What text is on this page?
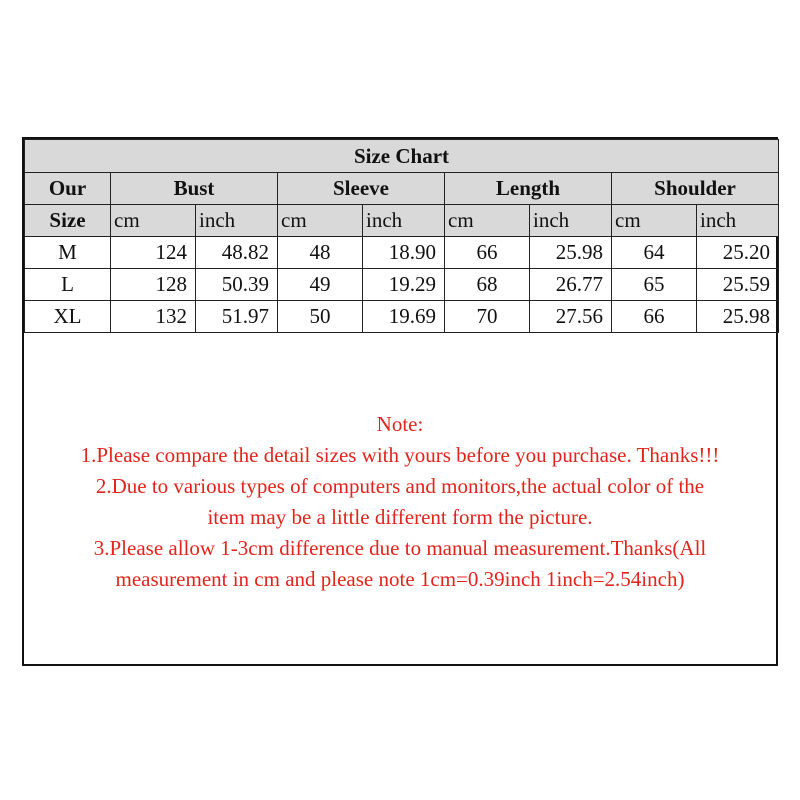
Size Chart								
Our	Bust		Sleeve		Length		Shoulder	
Size	cm	inch	cm	inch	cm	inch	cm	inch
M	124	48.82	48	18.90	66	25.98	64	25.20
L	128	50.39	49	19.29	68	26.77	65	25.59
XL	132	51.97	50	19.69	70	27.56	66	25.98
Note:
1.Please compare the detail sizes with yours before you purchase. Thanks!!!
2.Due to various types of computers and monitors,the actual color of the
item may be a little different form the picture.
3.Please allow 1-3cm difference due to manual measurement.Thanks(All
measurement in cm and please note 1cm=0.39inch 1inch=2.54inch)
